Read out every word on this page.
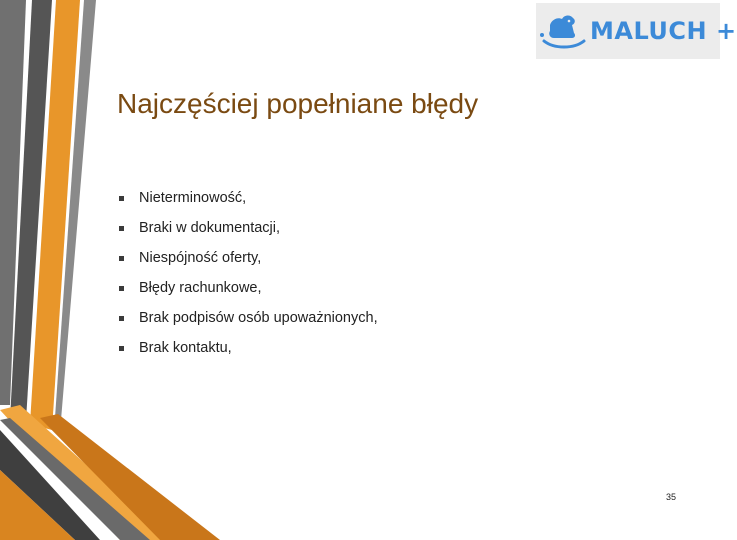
MALUCH +
Najczęściej popełniane błędy
Nieterminowość,
Braki w dokumentacji,
Niespójność oferty,
Błędy rachunkowe,
Brak podpisów osób upoważnionych,
Brak kontaktu,
35
